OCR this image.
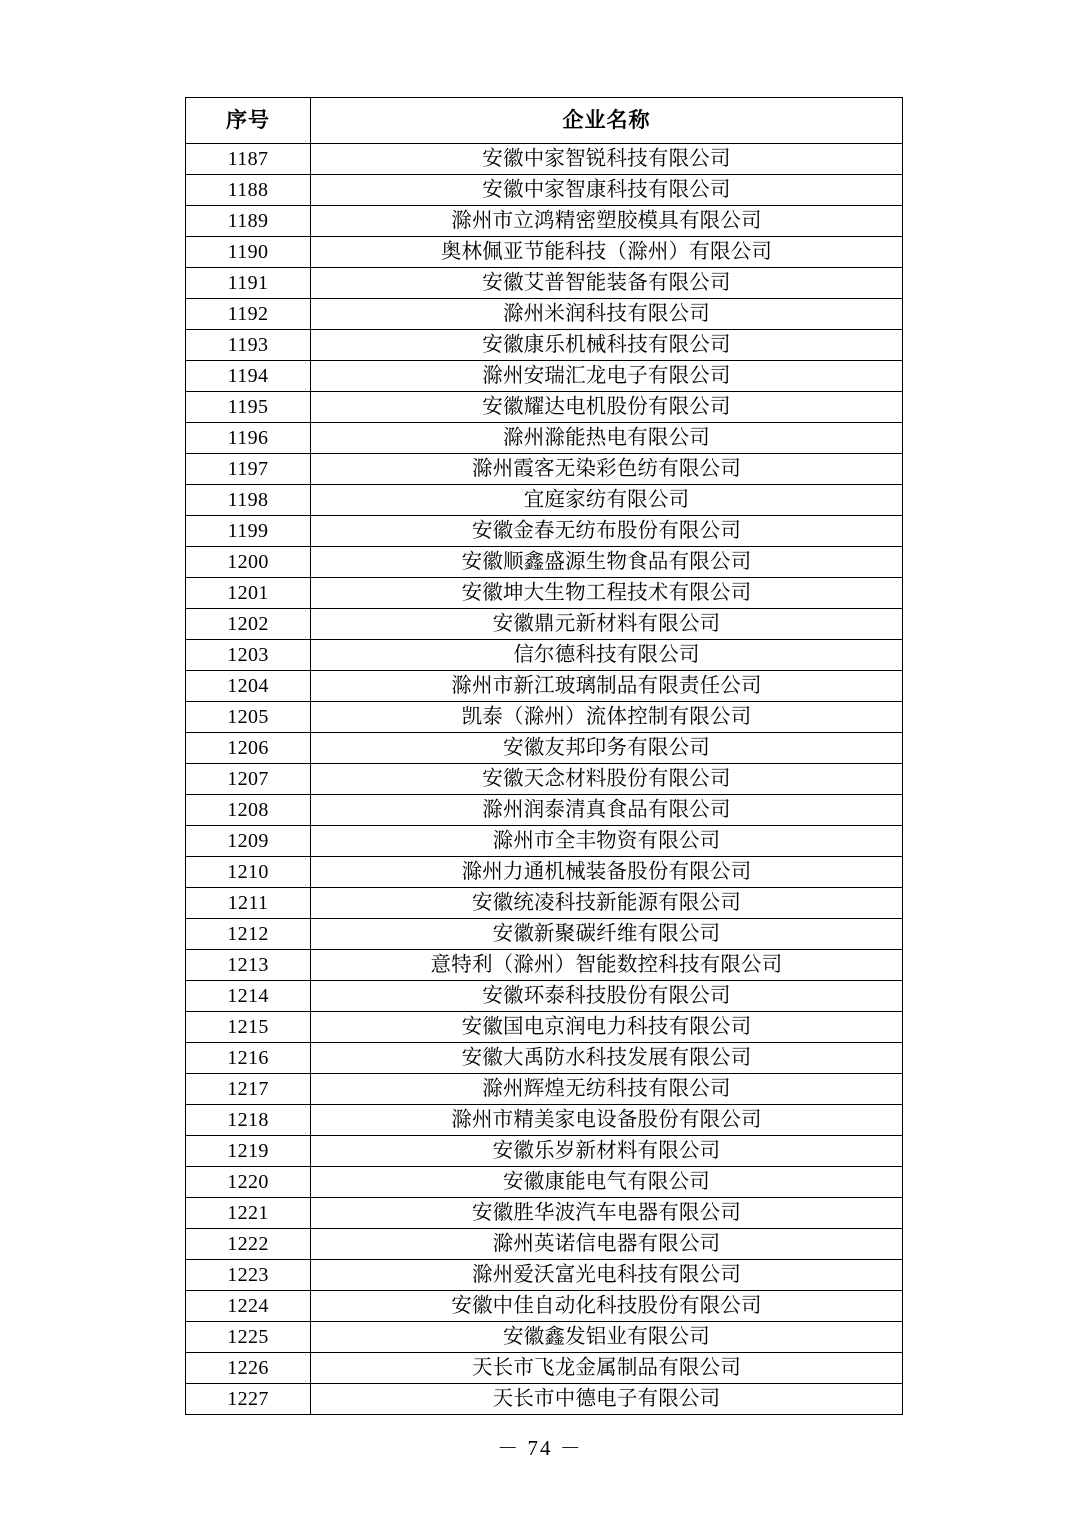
序号	企业名称
1187	安徽中家智锐科技有限公司
1188	安徽中家智康科技有限公司
1189	滁州市立鸿精密塑胶模具有限公司
1190	奥林佩亚节能科技（滁州）有限公司
1191	安徽艾普智能装备有限公司
1192	滁州米润科技有限公司
1193	安徽康乐机械科技有限公司
1194	滁州安瑞汇龙电子有限公司
1195	安徽耀达电机股份有限公司
1196	滁州滁能热电有限公司
1197	滁州霞客无染彩色纺有限公司
1198	宜庭家纺有限公司
1199	安徽金春无纺布股份有限公司
1200	安徽顺鑫盛源生物食品有限公司
1201	安徽坤大生物工程技术有限公司
1202	安徽鼎元新材料有限公司
1203	信尔德科技有限公司
1204	滁州市新江玻璃制品有限责任公司
1205	凯泰（滁州）流体控制有限公司
1206	安徽友邦印务有限公司
1207	安徽天念材料股份有限公司
1208	滁州润泰清真食品有限公司
1209	滁州市全丰物资有限公司
1210	滁州力通机械装备股份有限公司
1211	安徽统凌科技新能源有限公司
1212	安徽新聚碳纤维有限公司
1213	意特利（滁州）智能数控科技有限公司
1214	安徽环泰科技股份有限公司
1215	安徽国电京润电力科技有限公司
1216	安徽大禹防水科技发展有限公司
1217	滁州辉煌无纺科技有限公司
1218	滁州市精美家电设备股份有限公司
1219	安徽乐岁新材料有限公司
1220	安徽康能电气有限公司
1221	安徽胜华波汽车电器有限公司
1222	滁州英诺信电器有限公司
1223	滁州爱沃富光电科技有限公司
1224	安徽中佳自动化科技股份有限公司
1225	安徽鑫发铝业有限公司
1226	天长市飞龙金属制品有限公司
1227	天长市中德电子有限公司
－ 74 －
